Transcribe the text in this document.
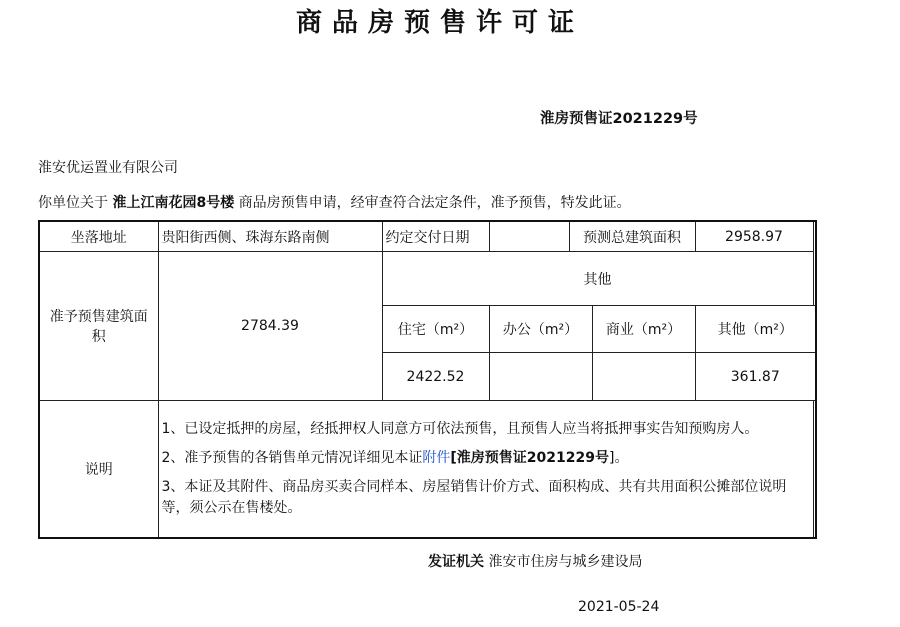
商品房预售许可证
淮房预售证2021229号
淮安优运置业有限公司
你单位关于 淮上江南花园8号楼 商品房预售申请，经审查符合法定条件，准予预售，特发此证。
坐落地址	贵阳街西侧、珠海东路南侧	约定交付日期		预测总建筑面积		2958.97
准予预售建筑面积	2784.39	其他				
		住宅（m²）	办公（m²）		商业（m²）	其他（m²）
		2422.52				361.87
说明	1、已设定抵押的房屋，经抵押权人同意方可依法预售，且预售人应当将抵押事实告知预购房人。
2、准予预售的各销售单元情况详细见本证附件[淮房预售证2021229号]。
3、本证及其附件、商品房买卖合同样本、房屋销售计价方式、面积构成、共有共用面积公摊部位说明等，须公示在售楼处。					
发证机关 淮安市住房与城乡建设局
2021-05-24
